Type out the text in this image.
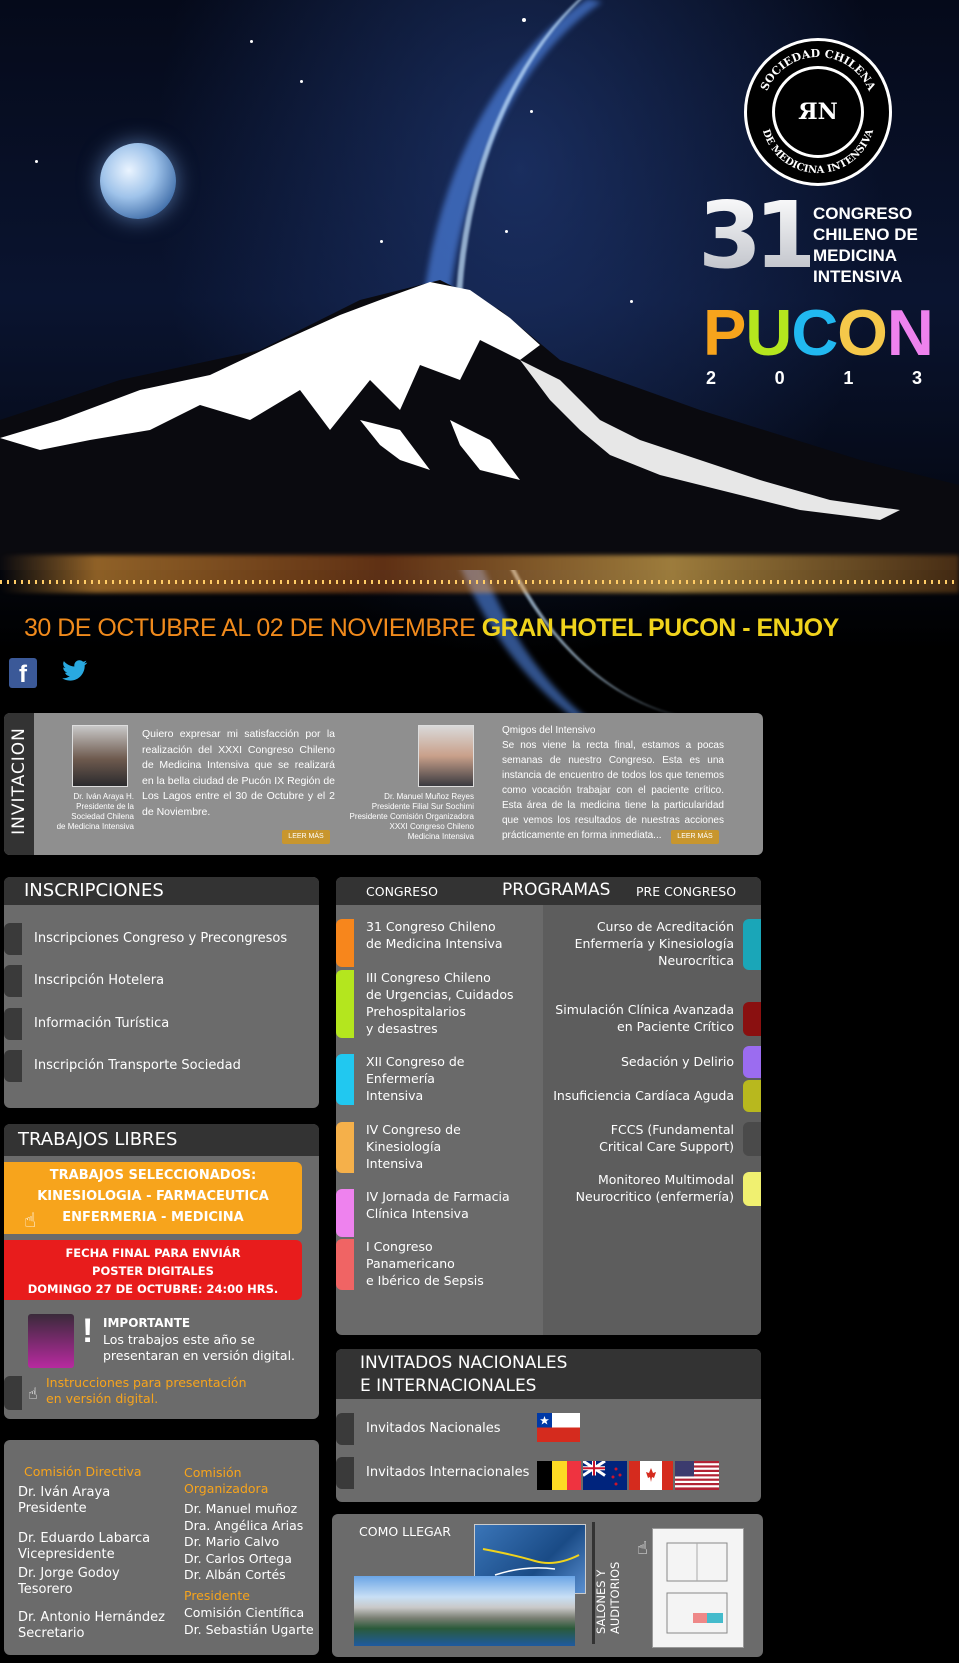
SOCIEDAD CHILENA
DE MEDICINA INTENSIVA
ЯN
31 CONGRESO
CHILENO DE
MEDICINA
INTENSIVA
PUCON
2	0	1	3
30 DE OCTUBRE AL 02 DE NOVIEMBRE GRAN HOTEL PUCON - ENJOY
f
INVITACION	Dr. Iván Araya H.
Presidente de la
Sociedad Chilena
de Medicina Intensiva
Quiero expresar mi satisfacción por la realización del XXXI Congreso Chileno de Medicina Intensiva que se realizará en la bella ciudad de Pucón IX Región de Los Lagos entre el 30 de Octubre y el 2 de Noviembre.
LEER MÁS
Dr. Manuel Muñoz Reyes
Presidente Filial Sur Sochimi
Presidente Comisión Organizadora
XXXI Congreso Chileno
Medicina Intensiva
Qmigos del Intensivo
Se nos viene la recta final, estamos a pocas semanas de nuestro Congreso. Esta es una instancia de encuentro de todos los que tenemos como vocación trabajar con el paciente crítico. Esta área de la medicina tiene la particularidad que vemos los resultados de nuestras acciones prácticamente en forma inmediata...	LEER MÁS
INSCRIPCIONES
Inscripciones Congreso y Precongresos
Inscripción Hotelera
Información Turística
Inscripción Transporte Sociedad
TRABAJOS LIBRES
TRABAJOS SELECCIONADOS:
KINESIOLOGIA - FARMACEUTICA
ENFERMERIA - MEDICINA
☝
FECHA FINAL PARA ENVIÁR
POSTER DIGITALES
DOMINGO 27 DE OCTUBRE: 24:00 HRS.
! IMPORTANTE
Los trabajos este año se
presentaran en versión digital.
☝
Instrucciones para presentación
en versión digital.
Comisión Directiva
Dr. Iván Araya
Presidente
Dr. Eduardo Labarca
Vicepresidente
Dr. Jorge Godoy
Tesorero
Dr. Antonio Hernández
Secretario
Comisión
Organizadora
Dr. Manuel muñoz
Dra. Angélica Arias
Dr. Mario Calvo
Dr. Carlos Ortega
Dr. Albán Cortés
Presidente
Comisión Científica
Dr. Sebastián Ugarte
CONGRESO	PROGRAMAS PRE CONGRESO
31 Congreso Chileno
de Medicina Intensiva
III Congreso Chileno
de Urgencias, Cuidados
Prehospitalarios
y desastres
XII Congreso de
Enfermería
Intensiva
IV Congreso de
Kinesiología
Intensiva
IV Jornada de Farmacia
Clínica Intensiva
I Congreso
Panamericano
e Ibérico de Sepsis
Curso de Acreditación
Enfermería y Kinesiología
Neurocrítica
Simulación Clínica Avanzada
en Paciente Crítico
Sedación y Delirio
Insuficiencia Cardíaca Aguda
FCCS (Fundamental
Critical Care Support)
Monitoreo Multimodal
Neurocritico (enfermería)
INVITADOS NACIONALES
E INTERNACIONALES
Invitados Nacionales
Invitados Internacionales
COMO LLEGAR
SALONES Y AUDITORIOS
☝
